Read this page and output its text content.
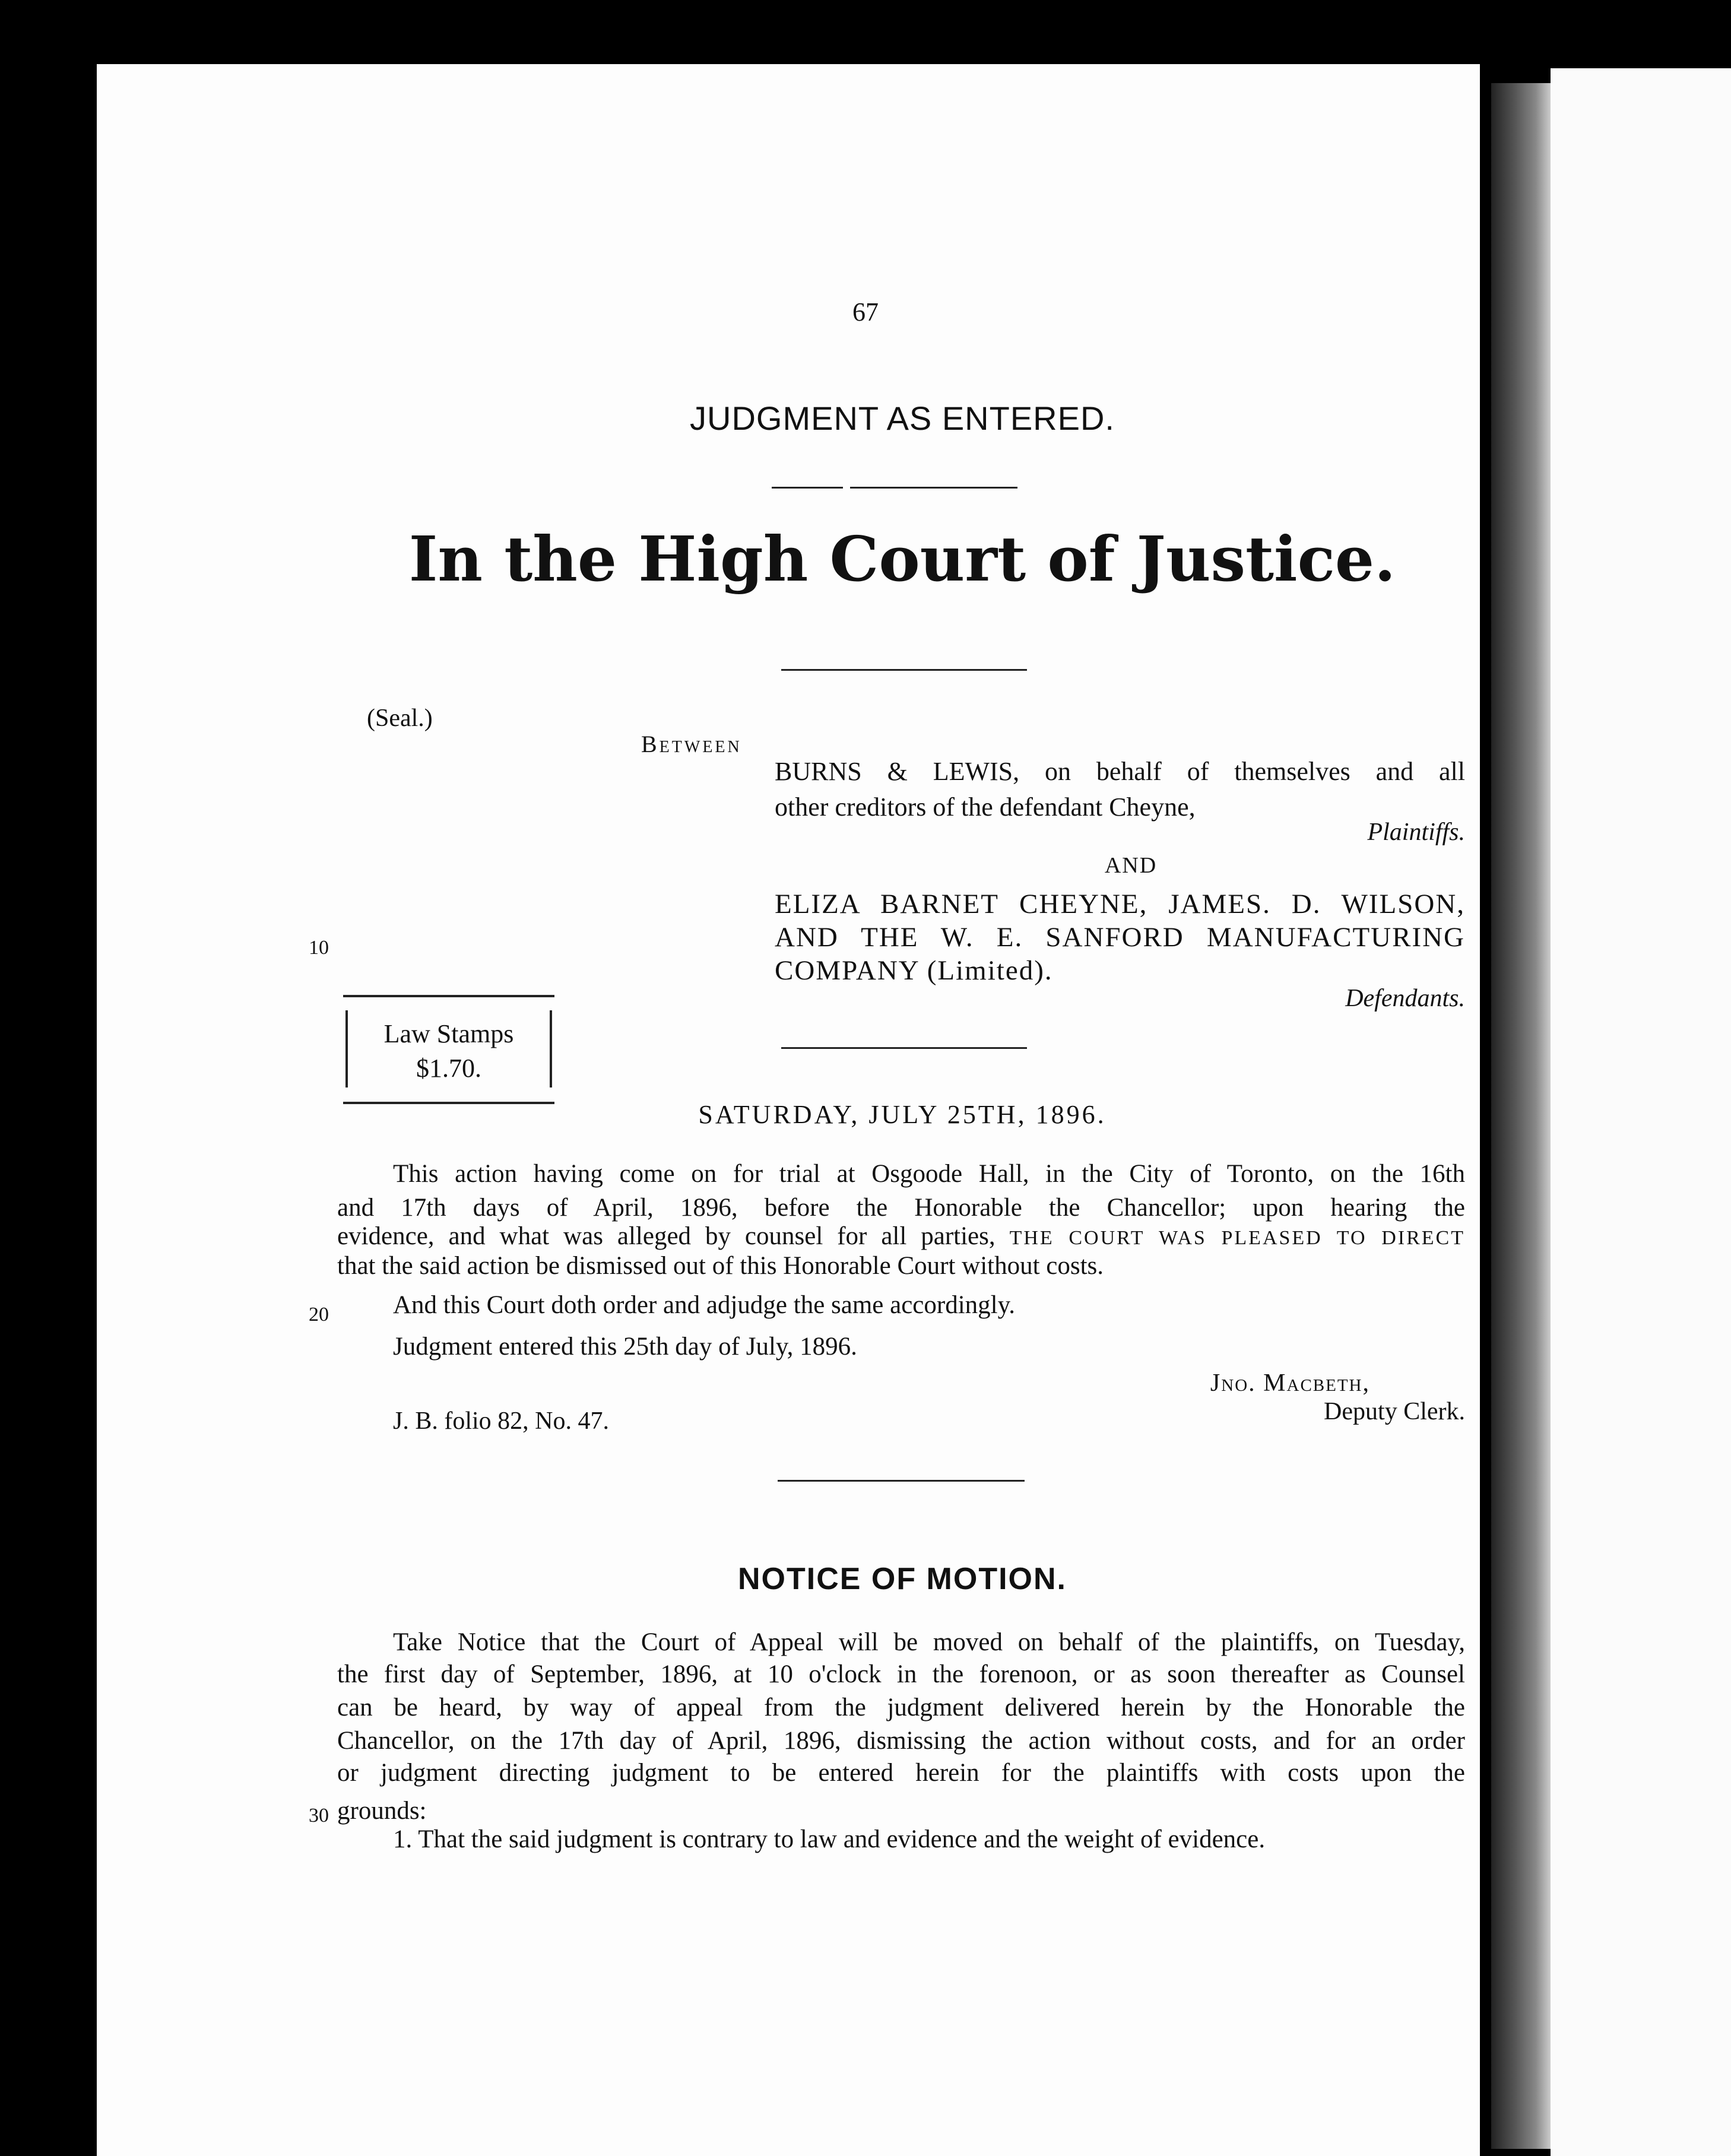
67
JUDGMENT AS ENTERED.
In the High Court of Justice.
(Seal.)
Between
BURNS & LEWIS, on behalf of themselves and all
other creditors of the defendant Cheyne,
Plaintiffs.
AND
ELIZA BARNET CHEYNE, JAMES. D. WILSON,
AND THE W. E. SANFORD MANUFACTURING
COMPANY (Limited).
Defendants.
10
Law Stamps
$1.70.
SATURDAY, JULY 25TH, 1896.
This action having come on for trial at Osgoode Hall, in the City of Toronto, on the 16th
and 17th days of April, 1896, before the Honorable the Chancellor; upon hearing the
evidence, and what was alleged by counsel for all parties, THE COURT WAS PLEASED TO DIRECT
that the said action be dismissed out of this Honorable Court without costs.
20	And this Court doth order and adjudge the same accordingly.
Judgment entered this 25th day of July, 1896.
Jno. Macbeth,
Deputy Clerk.
J. B. folio 82, No. 47.
NOTICE OF MOTION.
Take Notice that the Court of Appeal will be moved on behalf of the plaintiffs, on Tuesday,
the first day of September, 1896, at 10 o'clock in the forenoon, or as soon thereafter as Counsel
can be heard, by way of appeal from the judgment delivered herein by the Honorable the
Chancellor, on the 17th day of April, 1896, dismissing the action without costs, and for an order
or judgment directing judgment to be entered herein for the plaintiffs with costs upon the
30 grounds:
1. That the said judgment is contrary to law and evidence and the weight of evidence.
